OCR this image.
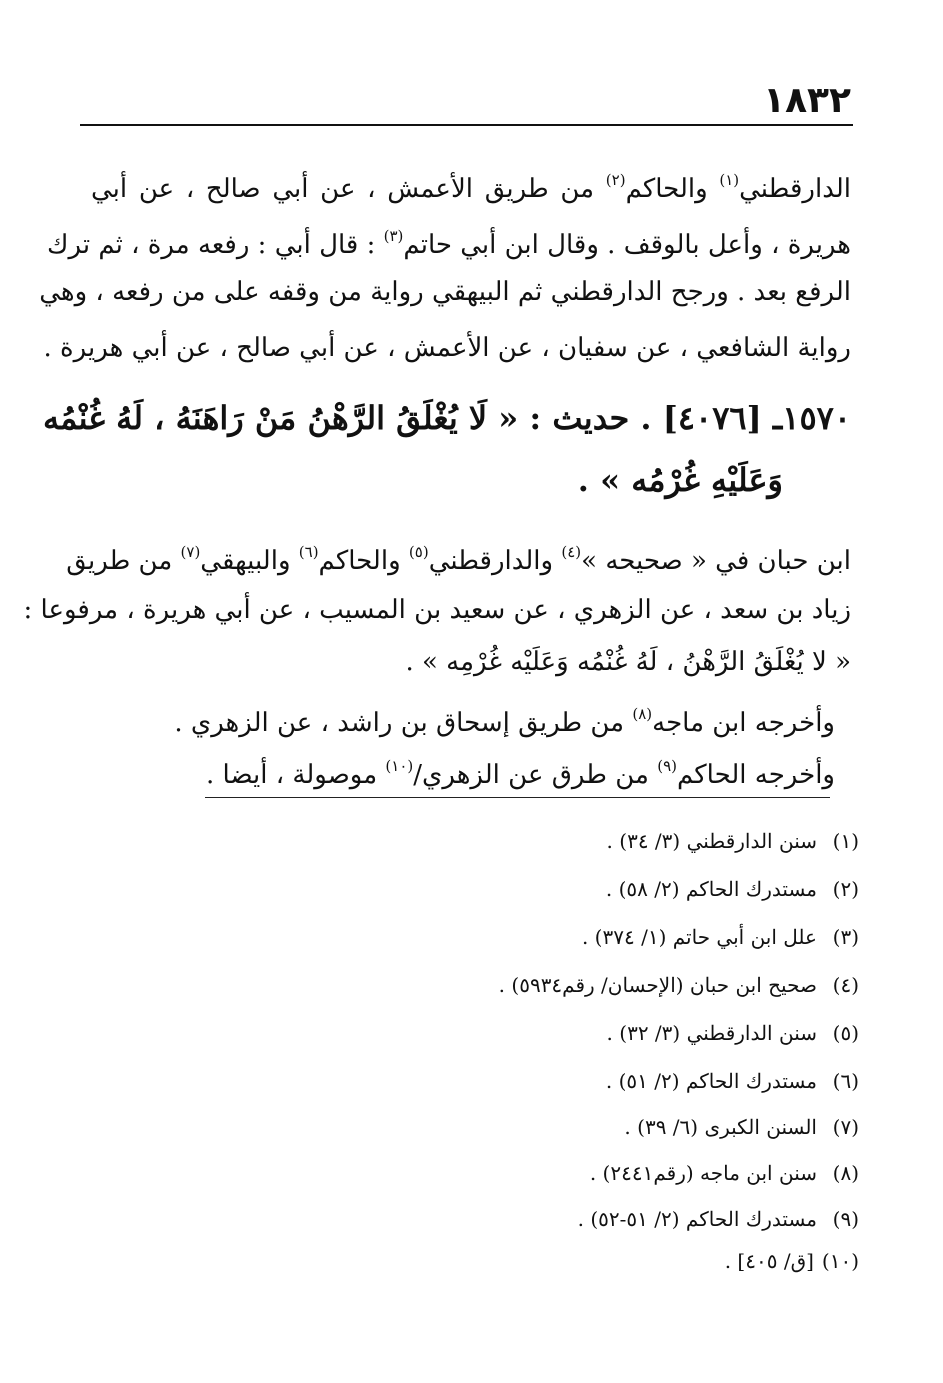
١٨٣٢
الدارقطني$^{(١)}$ والحاكم$^{(٢)}$ من طريق الأعمش ، عن أبي صالح ، عن أبي
هريرة ، وأعل بالوقف . وقال ابن أبي حاتم$^{(٣)}$ : قال أبي : رفعه مرة ، ثم ترك
الرفع بعد . ورجح الدارقطني ثم البيهقي رواية من وقفه على من رفعه ، وهي
رواية الشافعي ، عن سفيان ، عن الأعمش ، عن أبي صالح ، عن أبي هريرة .
١٥٧٠ـ [٤٠٧٦] . حديث : « لَا يُغْلَقُ الرَّهْنُ مَنْ رَاهَنَهُ ، لَهُ غُنْمُه
وَعَلَيْهِ غُرْمُه » .
ابن حبان في « صحيحه »$^{(٤)}$ والدارقطني$^{(٥)}$ والحاكم$^{(٦)}$ والبيهقي$^{(٧)}$ من طريق
زياد بن سعد ، عن الزهري ، عن سعيد بن المسيب ، عن أبي هريرة ، مرفوعا :
« لا يُغْلَقُ الرَّهْنُ ، لَهُ غُنْمُه وَعَلَيْه غُرْمِه » .
وأخرجه ابن ماجه$^{(٨)}$ من طريق إسحاق بن راشد ، عن الزهري .
وأخرجه الحاكم$^{(٩)}$ من طرق عن الزهري/$^{(١٠)}$ موصولة ، أيضا .
(١)سنن الدارقطني (٣/ ٣٤) .
(٢)مستدرك الحاكم (٢/ ٥٨) .
(٣)علل ابن أبي حاتم (١/ ٣٧٤) .
(٤)صحيح ابن حبان (الإحسان/ رقم٥٩٣٤) .
(٥)سنن الدارقطني (٣/ ٣٢) .
(٦)مستدرك الحاكم (٢/ ٥١) .
(٧)السنن الكبرى (٦/ ٣٩) .
(٨)سنن ابن ماجه (رقم٢٤٤١) .
(٩)مستدرك الحاكم (٢/ ٥١-٥٢) .
(١٠)[ق/ ٤٠٥] .
